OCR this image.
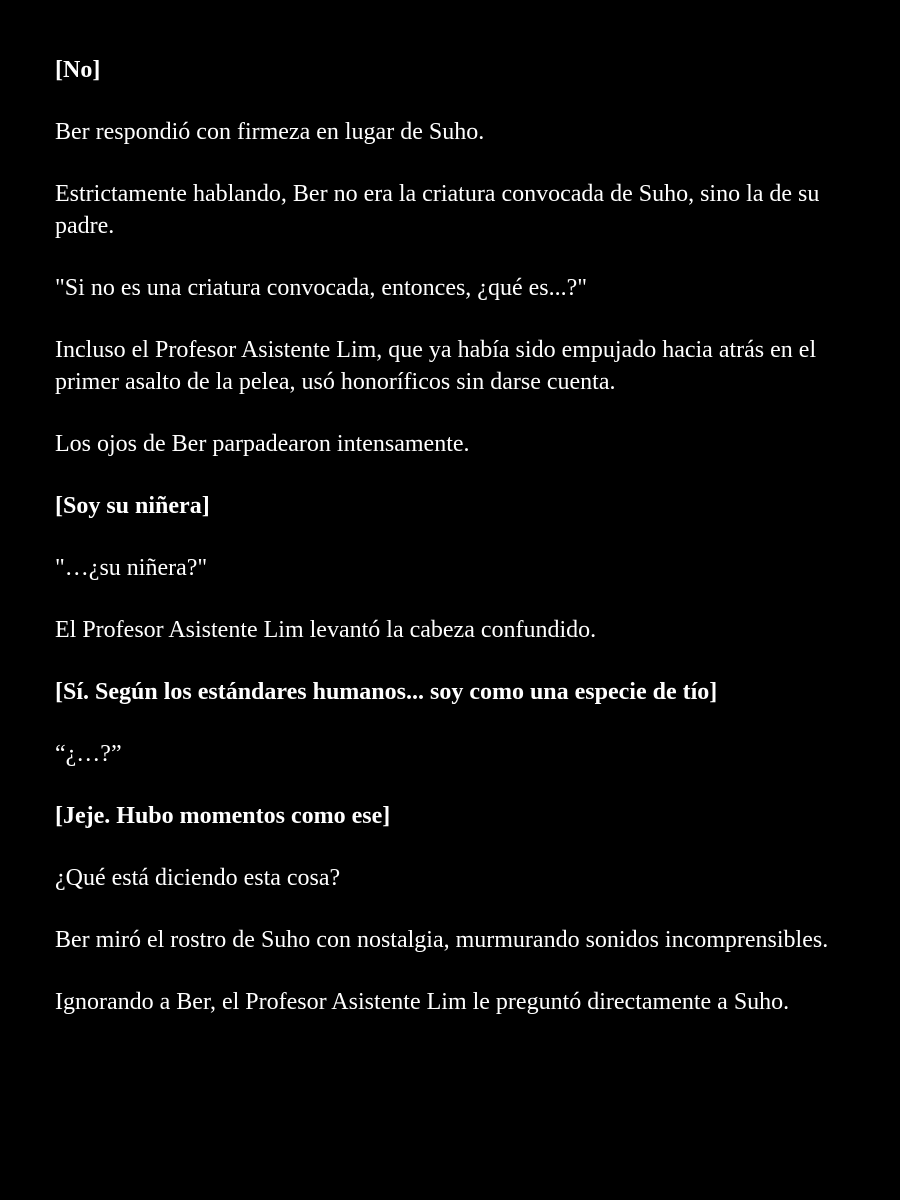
[No]

Ber respondió con firmeza en lugar de Suho.

Estrictamente hablando, Ber no era la criatura convocada de Suho, sino la de su padre.

"Si no es una criatura convocada, entonces, ¿qué es...?"

Incluso el Profesor Asistente Lim, que ya había sido empujado hacia atrás en el primer asalto de la pelea, usó honoríficos sin darse cuenta.

Los ojos de Ber parpadearon intensamente.

[Soy su niñera]

"…¿su niñera?"

El Profesor Asistente Lim levantó la cabeza confundido.

[Sí. Según los estándares humanos... soy como una especie de tío]

“¿…?”

[Jeje. Hubo momentos como ese]

¿Qué está diciendo esta cosa?

Ber miró el rostro de Suho con nostalgia, murmurando sonidos incomprensibles.

Ignorando a Ber, el Profesor Asistente Lim le preguntó directamente a Suho.
